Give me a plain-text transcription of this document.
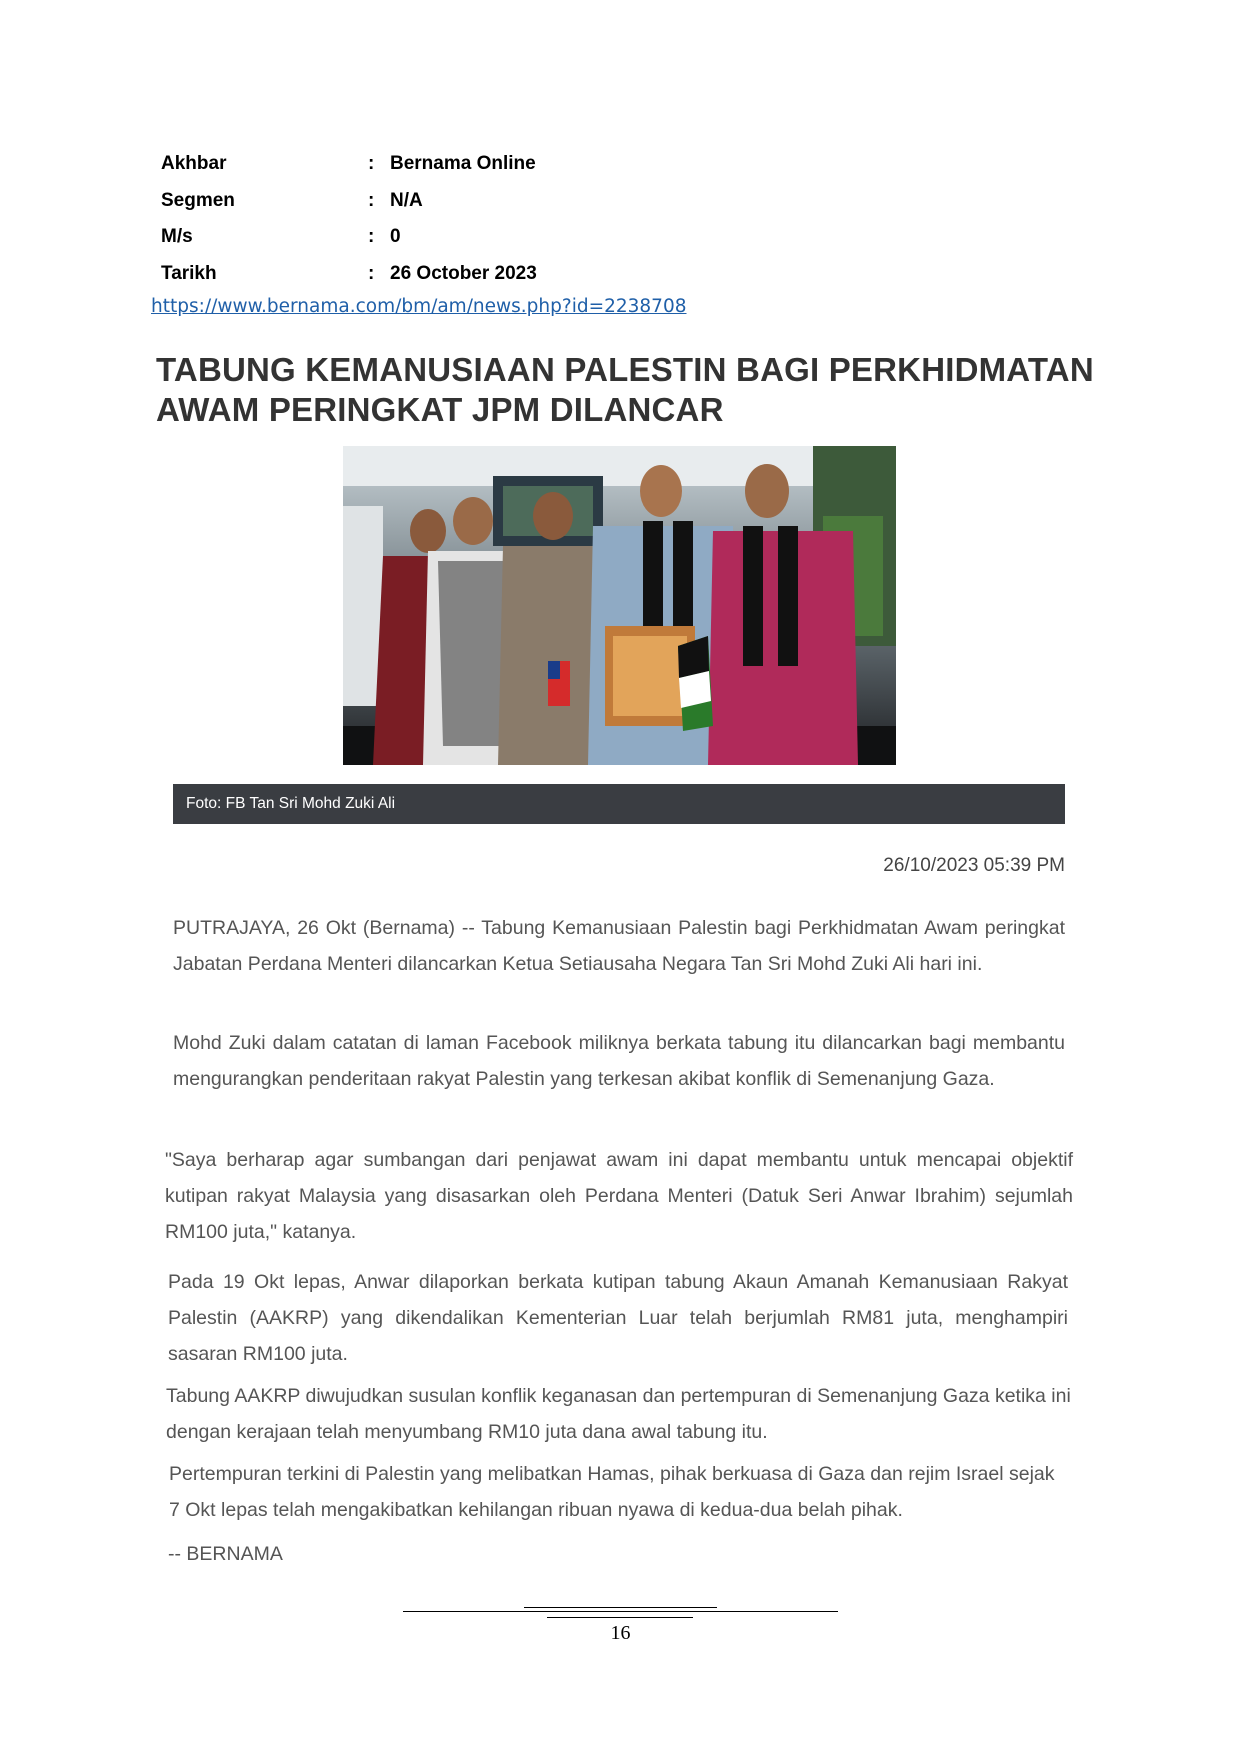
Akhbar	: Bernama Online
Segmen	: N/A
M/s	: 0
Tarikh	: 26 October 2023
https://www.bernama.com/bm/am/news.php?id=2238708
TABUNG KEMANUSIAAN PALESTIN BAGI PERKHIDMATAN
AWAM PERINGKAT JPM DILANCAR
Foto: FB Tan Sri Mohd Zuki Ali
26/10/2023 05:39 PM
PUTRAJAYA, 26 Okt (Bernama) -- Tabung Kemanusiaan Palestin bagi Perkhidmatan Awam peringkat Jabatan Perdana Menteri dilancarkan Ketua Setiausaha Negara Tan Sri Mohd Zuki Ali hari ini.
Mohd Zuki dalam catatan di laman Facebook miliknya berkata tabung itu dilancarkan bagi membantu mengurangkan penderitaan rakyat Palestin yang terkesan akibat konflik di Semenanjung Gaza.
"Saya berharap agar sumbangan dari penjawat awam ini dapat membantu untuk mencapai objektif kutipan rakyat Malaysia yang disasarkan oleh Perdana Menteri (Datuk Seri Anwar Ibrahim) sejumlah RM100 juta," katanya.
Pada 19 Okt lepas, Anwar dilaporkan berkata kutipan tabung Akaun Amanah Kemanusiaan Rakyat Palestin (AAKRP) yang dikendalikan Kementerian Luar telah berjumlah RM81 juta, menghampiri sasaran RM100 juta.
Tabung AAKRP diwujudkan susulan konflik keganasan dan pertempuran di Semenanjung Gaza ketika ini dengan kerajaan telah menyumbang RM10 juta dana awal tabung itu.
Pertempuran terkini di Palestin yang melibatkan Hamas, pihak berkuasa di Gaza dan rejim Israel sejak 7 Okt lepas telah mengakibatkan kehilangan ribuan nyawa di kedua-dua belah pihak.
-- BERNAMA
16
